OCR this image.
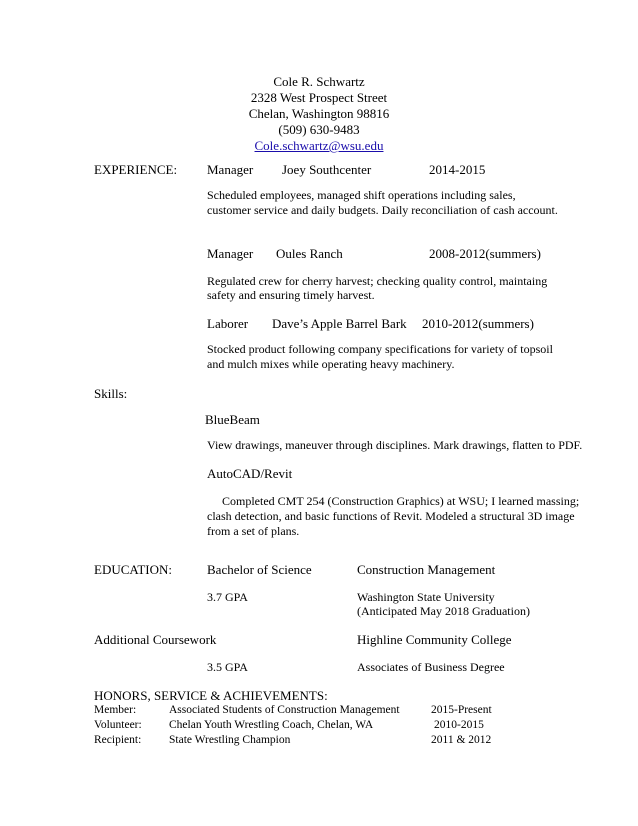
Cole R. Schwartz
2328 West Prospect Street
Chelan, Washington 98816
(509) 630-9483
Cole.schwartz@wsu.edu
EXPERIENCE: Manager Joey Southcenter	2014-2015
Scheduled employees, managed shift operations including sales,
customer service and daily budgets. Daily reconciliation of cash account.
Manager Oules Ranch	2008-2012(summers)
Regulated crew for cherry harvest; checking quality control, maintaing
safety and ensuring timely harvest.
Laborer Dave’s Apple Barrel Bark 2010-2012(summers)
Stocked product following company specifications for variety of topsoil
and mulch mixes while operating heavy machinery.
Skills:
BlueBeam
View drawings, maneuver through disciplines. Mark drawings, flatten to PDF.
AutoCAD/Revit
Completed CMT 254 (Construction Graphics) at WSU; I learned massing;
clash detection, and basic functions of Revit. Modeled a structural 3D image
from a set of plans.
EDUCATION:	Bachelor of Science	Construction Management
3.7 GPA	Washington State University
(Anticipated May 2018 Graduation)
Additional Coursework	Highline Community College
3.5 GPA	Associates of Business Degree
HONORS, SERVICE & ACHIEVEMENTS:
Member:	Associated Students of Construction Management	2015-Present
Volunteer: Chelan Youth Wrestling Coach, Chelan, WA	2010-2015
Recipient: State Wrestling Champion	2011 & 2012
